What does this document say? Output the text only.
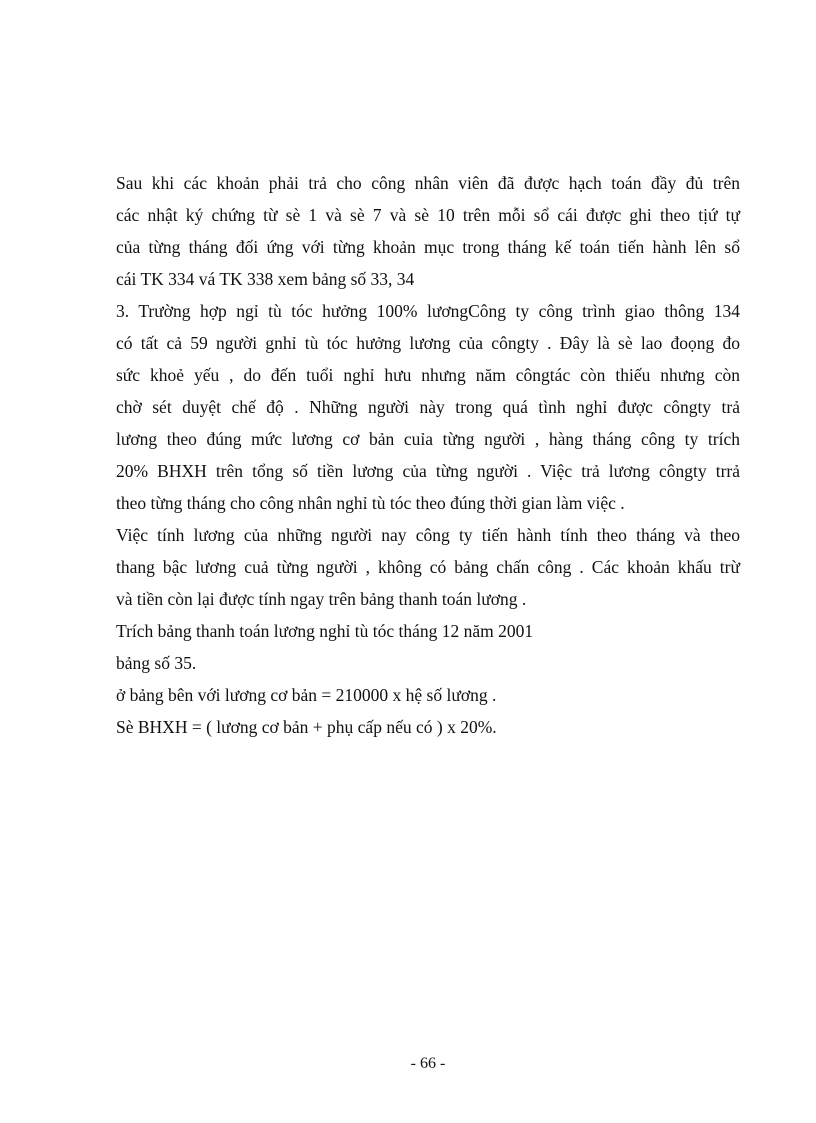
Sau khi các khoản phải trả cho công nhân viên đã được hạch toán đầy đủ trên
các nhật ký chứng từ sè 1 và sè 7 và sè 10 trên mỗi sổ cái được ghi theo tịứ tự
của từng tháng đối ứng với từng khoản mục trong tháng kế toán tiến hành lên sổ
cái TK 334 vá TK 338 xem bảng số 33, 34
3. Trường hợp ngỉ tù tóc hưởng 100% lươngCông ty công trình giao thông 134
có tất cả 59 người gnhỉ tù tóc hưởng lương của côngty . Đây là sè lao đoọng đo
sức khoẻ yếu , do đến tuổi nghỉ hưu nhưng năm côngtác còn thiếu nhưng còn
chờ sét duyệt chế độ . Những người này trong quá tình nghỉ được côngty trả
lương theo đúng mức lương cơ bản cuỉa từng người , hàng tháng công ty trích
20% BHXH trên tổng số tiền lương của từng người . Việc trả lương côngty trrả
theo từng tháng cho công nhân nghỉ tù tóc theo đúng thời gian làm việc .
Việc tính lương của những người nay công ty tiến hành tính theo tháng và theo
thang bậc lương cuả từng người , không có bảng chấn công . Các khoản khấu trừ
và tiền còn lại được tính ngay trên bảng thanh toán lương .
Trích bảng thanh toán lương nghỉ tù tóc tháng 12 năm 2001
bảng số 35.
ở bảng bên với lương cơ bản = 210000 x hệ số lương .
Sè BHXH = ( lương cơ bản + phụ cấp nếu có ) x 20%.
- 66 -
